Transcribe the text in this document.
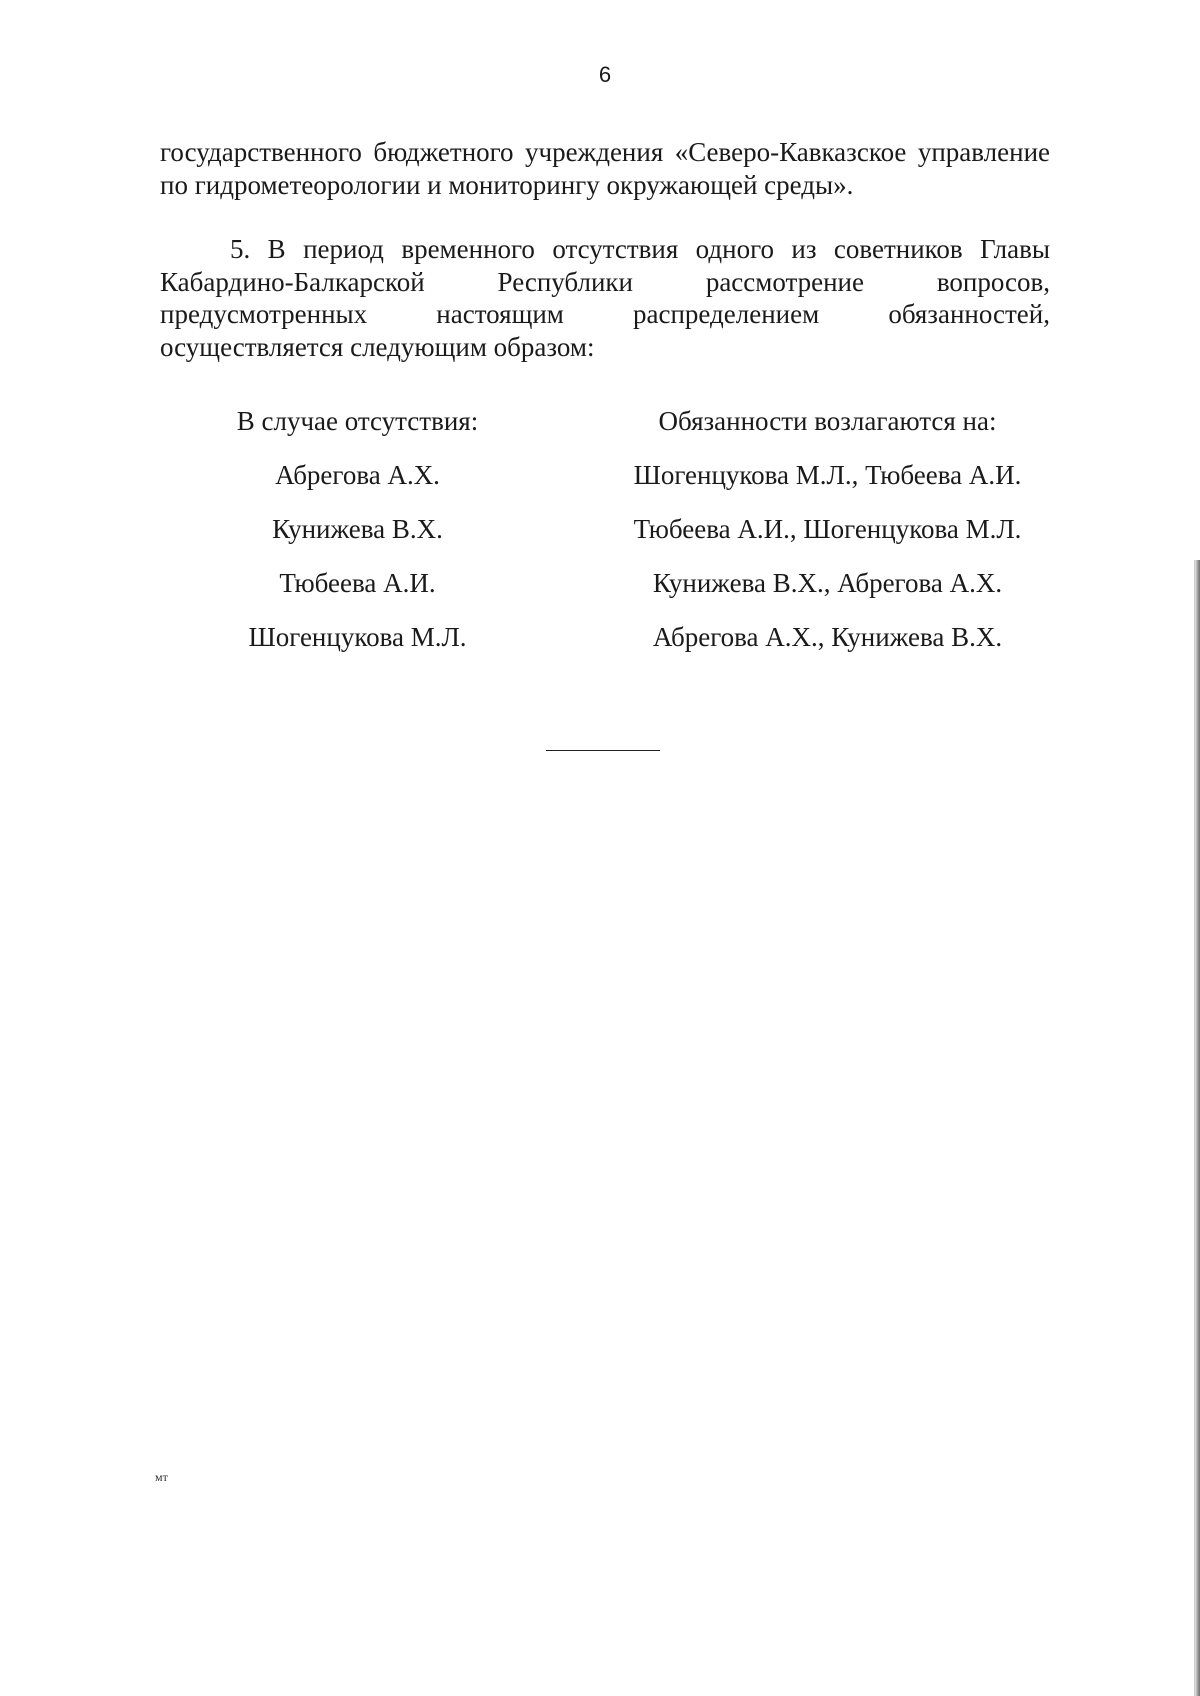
6

государственного бюджетного учреждения «Северо-Кавказское управление по гидрометеорологии и мониторингу окружающей среды».

5. В период временного отсутствия одного из советников Главы Кабардино-Балкарской Республики рассмотрение вопросов, предусмотренных настоящим распределением обязанностей, осуществляется следующим образом:

В случае отсутствия:
Абрегова А.Х.
Кунижева В.Х.
Тюбеева А.И.
Шогенцукова М.Л.
Обязанности возлагаются на:
Шогенцукова М.Л., Тюбеева А.И.
Тюбеева А.И., Шогенцукова М.Л.
Кунижева В.Х., Абрегова А.Х.
Абрегова А.Х., Кунижева В.Х.
мт
